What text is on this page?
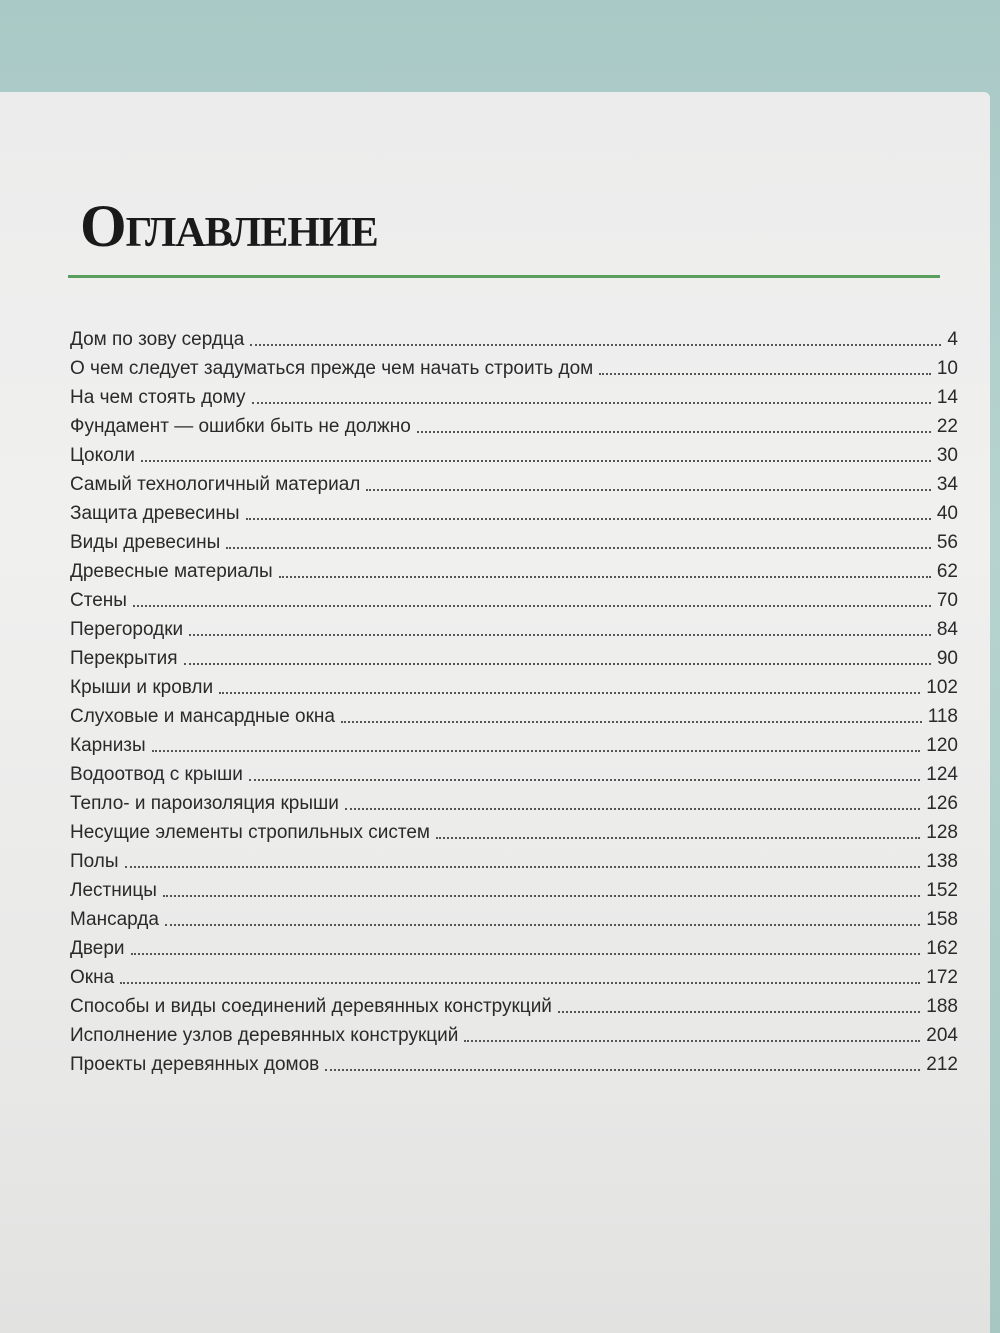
Оглавление
Дом по зову сердца	4
О чем следует задуматься прежде чем начать строить дом	10
На чем стоять дому	14
Фундамент — ошибки быть не должно	22
Цоколи	30
Самый технологичный материал	34
Защита древесины	40
Виды древесины	56
Древесные материалы	62
Стены	70
Перегородки	84
Перекрытия	90
Крыши и кровли	102
Слуховые и мансардные окна	118
Карнизы	120
Водоотвод с крыши	124
Тепло- и пароизоляция крыши	126
Несущие элементы стропильных систем	128
Полы	138
Лестницы	152
Мансарда	158
Двери	162
Окна	172
Способы и виды соединений деревянных конструкций	188
Исполнение узлов деревянных конструкций	204
Проекты деревянных домов	212
